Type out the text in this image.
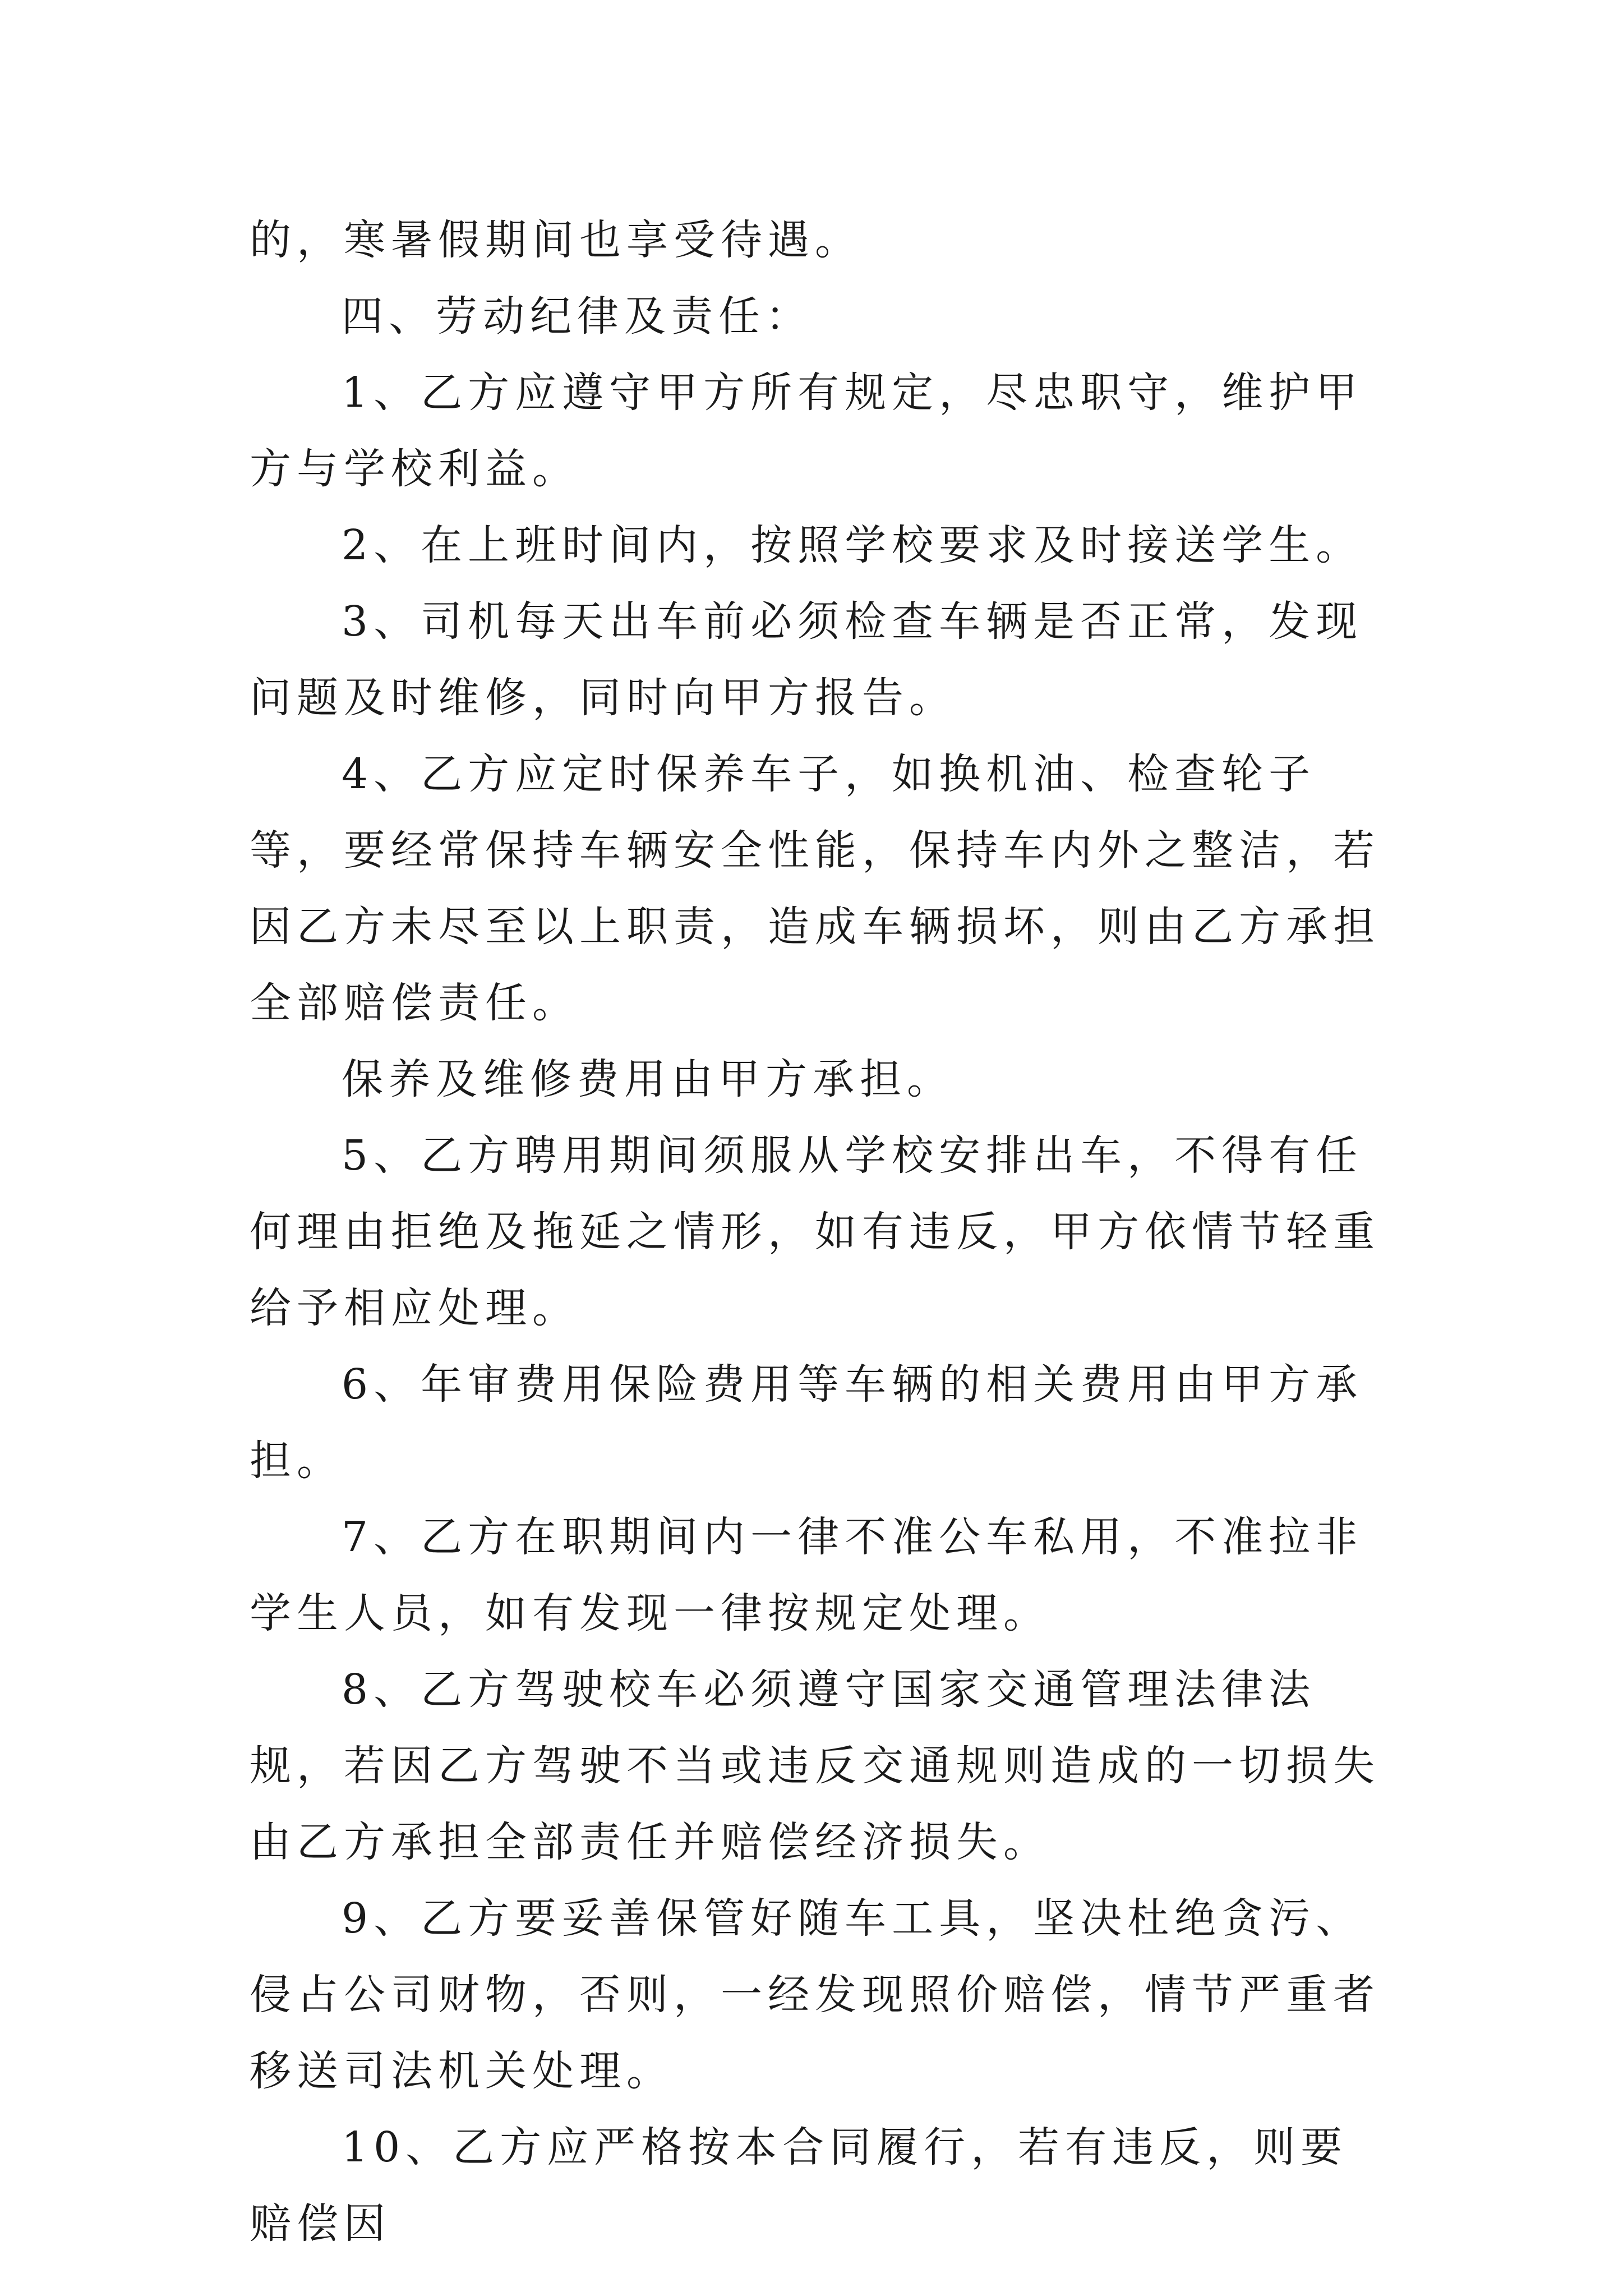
的，寒暑假期间也享受待遇。

四、劳动纪律及责任：

1、乙方应遵守甲方所有规定，尽忠职守，维护甲方与学校利益。

2、在上班时间内，按照学校要求及时接送学生。

3、司机每天出车前必须检查车辆是否正常，发现问题及时维修，同时向甲方报告。

4、乙方应定时保养车子，如换机油、检查轮子等，要经常保持车辆安全性能，保持车内外之整洁，若因乙方未尽至以上职责，造成车辆损坏，则由乙方承担全部赔偿责任。

保养及维修费用由甲方承担。

5、乙方聘用期间须服从学校安排出车，不得有任何理由拒绝及拖延之情形，如有违反，甲方依情节轻重给予相应处理。

6、年审费用保险费用等车辆的相关费用由甲方承担。

7、乙方在职期间内一律不准公车私用，不准拉非学生人员，如有发现一律按规定处理。

8、乙方驾驶校车必须遵守国家交通管理法律法规，若因乙方驾驶不当或违反交通规则造成的一切损失由乙方承担全部责任并赔偿经济损失。

9、乙方要妥善保管好随车工具，坚决杜绝贪污、侵占公司财物，否则，一经发现照价赔偿，情节严重者移送司法机关处理。

10、乙方应严格按本合同履行，若有违反，则要赔偿因
